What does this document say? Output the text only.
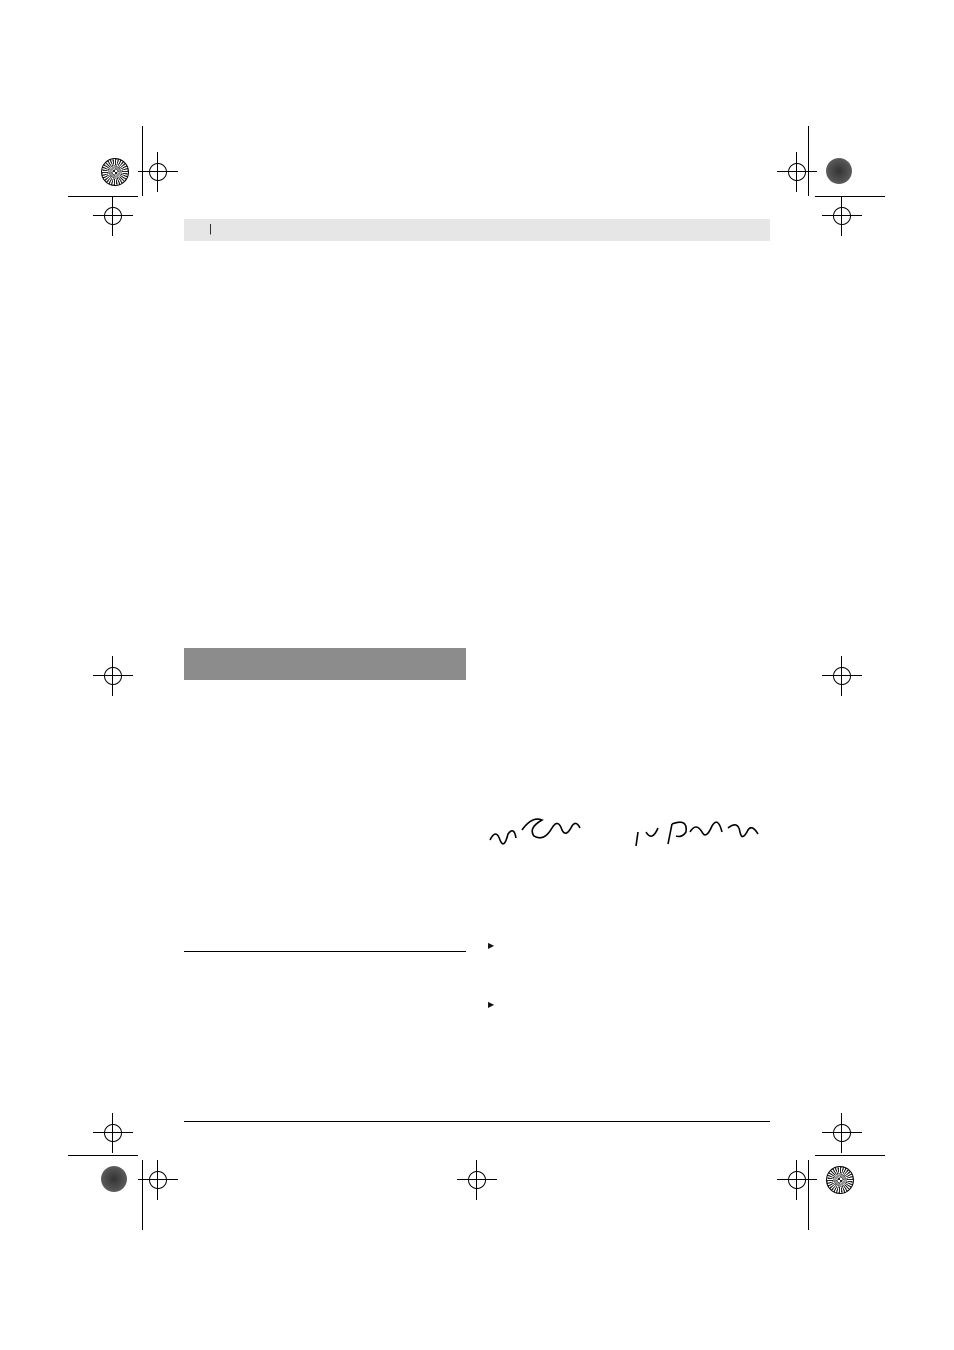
|

▶
▶
